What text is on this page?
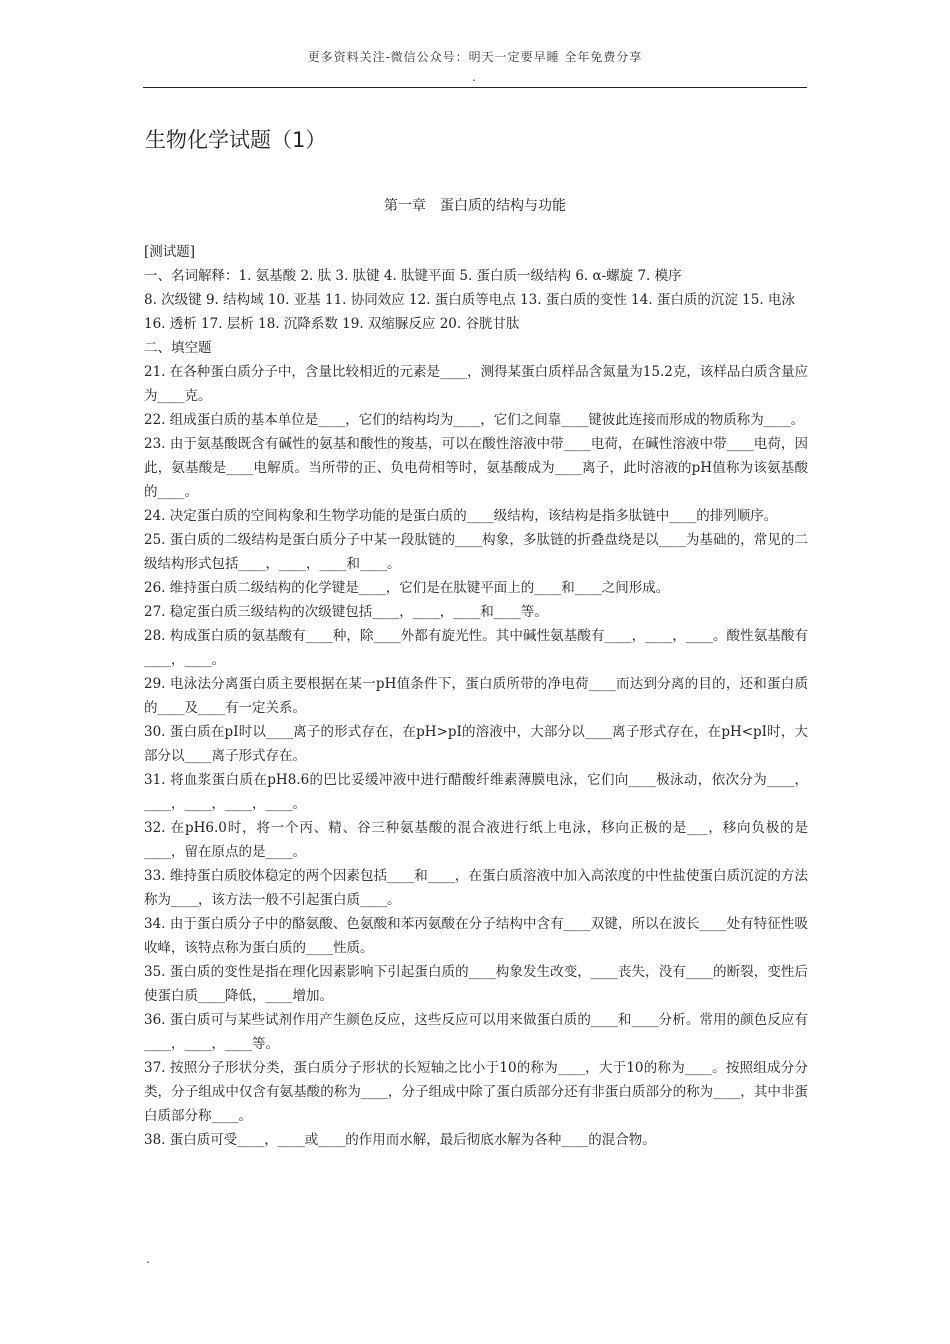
更多资料关注-微信公众号：明天一定要早睡 全年免费分享
.
生物化学试题（1）
第一章　蛋白质的结构与功能

[测试题]

一、名词解释：1. 氨基酸 2. 肽 3. 肽键 4. 肽键平面 5. 蛋白质一级结构 6. α-螺旋 7. 模序

8. 次级键 9. 结构域 10. 亚基 11. 协同效应 12. 蛋白质等电点 13. 蛋白质的变性 14. 蛋白质的沉淀 15. 电泳

16. 透析 17. 层析 18. 沉降系数 19. 双缩脲反应 20. 谷胱甘肽

二、填空题

21. 在各种蛋白质分子中，含量比较相近的元素是____，测得某蛋白质样品含氮量为15.2克，该样品白质含量应为____克。

22. 组成蛋白质的基本单位是____，它们的结构均为____，它们之间靠____键彼此连接而形成的物质称为____。

23. 由于氨基酸既含有碱性的氨基和酸性的羧基，可以在酸性溶液中带____电荷，在碱性溶液中带____电荷，因此，氨基酸是____电解质。当所带的正、负电荷相等时，氨基酸成为____离子，此时溶液的pH值称为该氨基酸的____。

24. 决定蛋白质的空间构象和生物学功能的是蛋白质的____级结构，该结构是指多肽链中____的排列顺序。

25. 蛋白质的二级结构是蛋白质分子中某一段肽链的____构象，多肽链的折叠盘绕是以____为基础的，常见的二级结构形式包括____，____，____和____。

26. 维持蛋白质二级结构的化学键是____，它们是在肽键平面上的____和____之间形成。

27. 稳定蛋白质三级结构的次级键包括____，____，____和____等。

28. 构成蛋白质的氨基酸有____种，除____外都有旋光性。其中碱性氨基酸有____，____，____。酸性氨基酸有____，____。

29. 电泳法分离蛋白质主要根据在某一pH值条件下，蛋白质所带的净电荷____而达到分离的目的，还和蛋白质的____及____有一定关系。

30. 蛋白质在pI时以____离子的形式存在，在pH>pI的溶液中，大部分以____离子形式存在，在pH<pI时，大部分以____离子形式存在。

31. 将血浆蛋白质在pH8.6的巴比妥缓冲液中进行醋酸纤维素薄膜电泳，它们向____极泳动，依次分为____， ____，____，____，____。

32. 在pH6.0时，将一个丙、精、谷三种氨基酸的混合液进行纸上电泳，移向正极的是___，移向负极的是____，留在原点的是____。

33. 维持蛋白质胶体稳定的两个因素包括____和____，在蛋白质溶液中加入高浓度的中性盐使蛋白质沉淀的方法称为____，该方法一般不引起蛋白质____。

34. 由于蛋白质分子中的酪氨酸、色氨酸和苯丙氨酸在分子结构中含有____双键，所以在波长____处有特征性吸收峰，该特点称为蛋白质的____性质。

35. 蛋白质的变性是指在理化因素影响下引起蛋白质的____构象发生改变，____丧失，没有____的断裂，变性后使蛋白质____降低，____增加。

36. 蛋白质可与某些试剂作用产生颜色反应，这些反应可以用来做蛋白质的____和____分析。常用的颜色反应有____，____，____等。

37. 按照分子形状分类，蛋白质分子形状的长短轴之比小于10的称为____，大于10的称为____。按照组成分分类，分子组成中仅含有氨基酸的称为____，分子组成中除了蛋白质部分还有非蛋白质部分的称为____，其中非蛋白质部分称____。

38. 蛋白质可受____，____或____的作用而水解，最后彻底水解为各种____的混合物。

.
